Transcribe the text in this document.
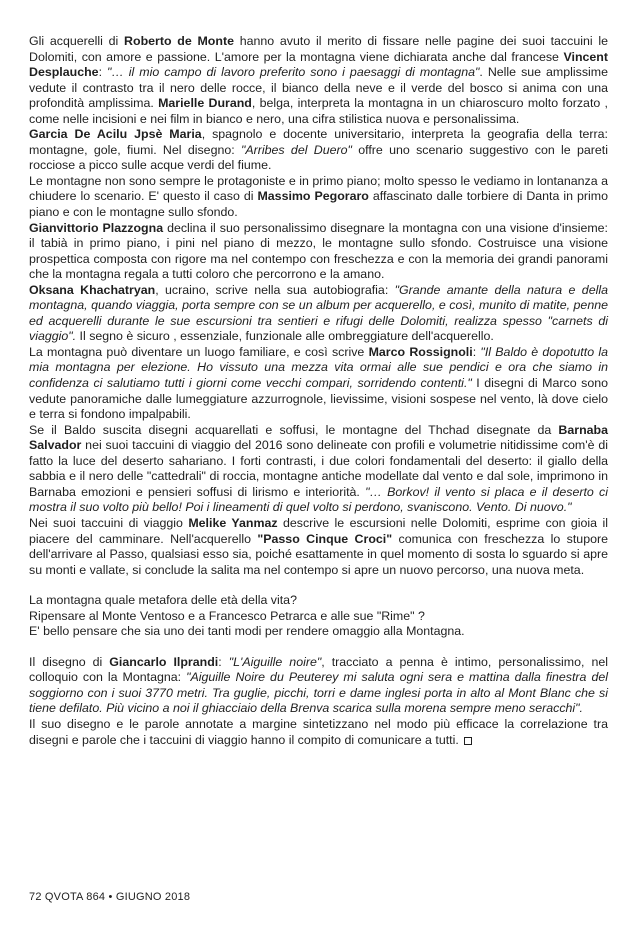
Gli acquerelli di Roberto de Monte hanno avuto il merito di fissare nelle pagine dei suoi taccuini le Dolomiti, con amore e passione. L'amore per la montagna viene dichiarata anche dal francese Vincent Desplauche: "… il mio campo di lavoro preferito sono i paesaggi di montagna". Nelle sue amplissime vedute il contrasto tra il nero delle rocce, il bianco della neve e il verde del bosco si anima con una profondità amplissima. Marielle Durand, belga, interpreta la montagna in un chiaroscuro molto forzato , come nelle incisioni e nei film in bianco e nero, una cifra stilistica nuova e personalissima.

Garcia De Acilu Jpsè Maria, spagnolo e docente universitario, interpreta la geografia della terra: montagne, gole, fiumi. Nel disegno: "Arribes del Duero" offre uno scenario suggestivo con le pareti rocciose a picco sulle acque verdi del fiume.

Le montagne non sono sempre le protagoniste e in primo piano; molto spesso le vediamo in lontananza a chiudere lo scenario. E' questo il caso di Massimo Pegoraro affascinato dalle torbiere di Danta in primo piano e con le montagne sullo sfondo.

Gianvittorio Plazzogna declina il suo personalissimo disegnare la montagna con una visione d'insieme: il tabià in primo piano, i pini nel piano di mezzo, le montagne sullo sfondo. Costruisce una visione prospettica composta con rigore ma nel contempo con freschezza e con la memoria dei grandi panorami che la montagna regala a tutti coloro che percorrono e la amano.

Oksana Khachatryan, ucraino, scrive nella sua autobiografia: "Grande amante della natura e della montagna, quando viaggia, porta sempre con se un album per acquerello, e così, munito di matite, penne ed acquerelli durante le sue escursioni tra sentieri e rifugi delle Dolomiti, realizza spesso "carnets di viaggio". Il segno è sicuro , essenziale, funzionale alle ombreggiature dell'acquerello.

La montagna può diventare un luogo familiare, e così scrive Marco Rossignoli: "Il Baldo è dopotutto la mia montagna per elezione. Ho vissuto una mezza vita ormai alle sue pendici e ora che siamo in confidenza ci salutiamo tutti i giorni come vecchi compari, sorridendo contenti." I disegni di Marco sono vedute panoramiche dalle lumeggiature azzurrognole, lievissime, visioni sospese nel vento, là dove cielo e terra si fondono impalpabili.

Se il Baldo suscita disegni acquarellati e soffusi, le montagne del Thchad disegnate da Barnaba Salvador nei suoi taccuini di viaggio del 2016 sono delineate con profili e volumetrie nitidissime com'è di fatto la luce del deserto sahariano. I forti contrasti, i due colori fondamentali del deserto: il giallo della sabbia e il nero delle "cattedrali" di roccia, montagne antiche modellate dal vento e dal sole, imprimono in Barnaba emozioni e pensieri soffusi di lirismo e interiorità. "… Borkov! il vento si placa e il deserto ci mostra il suo volto più bello! Poi i lineamenti di quel volto si perdono, svaniscono. Vento. Di nuovo."

Nei suoi taccuini di viaggio Melike Yanmaz descrive le escursioni nelle Dolomiti, esprime con gioia il piacere del camminare. Nell'acquerello "Passo Cinque Croci" comunica con freschezza lo stupore dell'arrivare al Passo, qualsiasi esso sia, poiché esattamente in quel momento di sosta lo sguardo si apre su monti e vallate, si conclude la salita ma nel contempo si apre un nuovo percorso, una nuova meta.

La montagna quale metafora delle età della vita?

Ripensare al Monte Ventoso e a Francesco Petrarca e alle sue "Rime" ?

E' bello pensare che sia uno dei tanti modi per rendere omaggio alla Montagna.

Il disegno di Giancarlo Ilprandi: "L'Aiguille noire", tracciato a penna è intimo, personalissimo, nel colloquio con la Montagna: "Aiguille Noire du Peuterey mi saluta ogni sera e mattina dalla finestra del soggiorno con i suoi 3770 metri. Tra guglie, picchi, torri e dame inglesi porta in alto al Mont Blanc che si tiene defilato. Più vicino a noi il ghiacciaio della Brenva scarica sulla morena sempre meno seracchi".

Il suo disegno e le parole annotate a margine sintetizzano nel modo più efficace la correlazione tra disegni e parole che i taccuini di viaggio hanno il compito di comunicare a tutti.

72 QVOTA 864 • GIUGNO 2018
